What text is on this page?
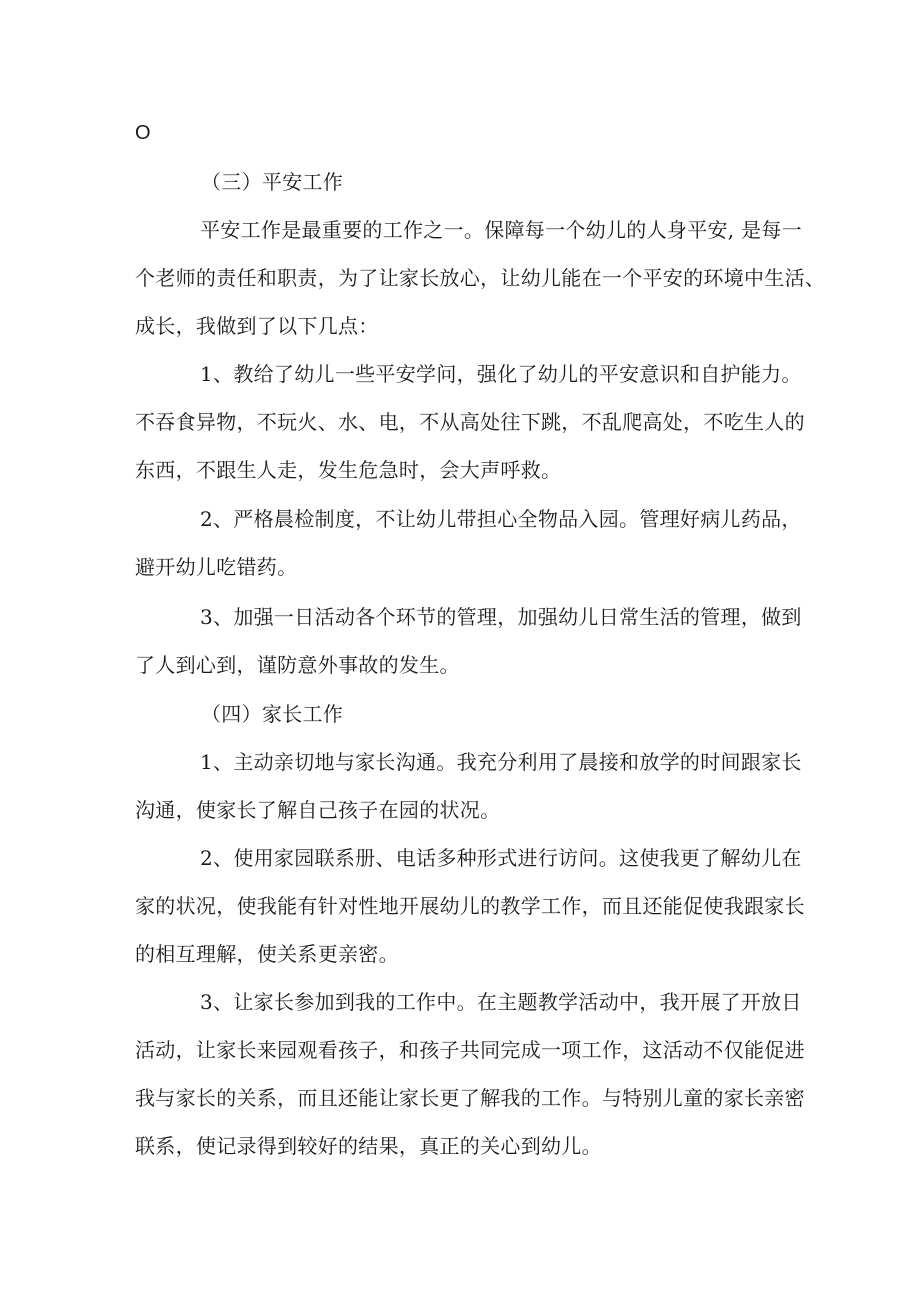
O
（三）平安工作
平安工作是最重要的工作之一。保障每一个幼儿的人身平安, 是每一
个老师的责任和职责，为了让家长放心，让幼儿能在一个平安的环境中生活、
成长，我做到了以下几点：
1、教给了幼儿一些平安学问，强化了幼儿的平安意识和自护能力。
不吞食异物，不玩火、水、电，不从高处往下跳，不乱爬高处，不吃生人的
东西，不跟生人走，发生危急时，会大声呼救。
2、严格晨检制度，不让幼儿带担心全物品入园。管理好病儿药品，
避开幼儿吃错药。
3、加强一日活动各个环节的管理，加强幼儿日常生活的管理，做到
了人到心到，谨防意外事故的发生。
（四）家长工作
1、主动亲切地与家长沟通。我充分利用了晨接和放学的时间跟家长
沟通，使家长了解自己孩子在园的状况。
2、使用家园联系册、电话多种形式进行访问。这使我更了解幼儿在
家的状况，使我能有针对性地开展幼儿的教学工作，而且还能促使我跟家长
的相互理解，使关系更亲密。
3、让家长参加到我的工作中。在主题教学活动中，我开展了开放日
活动，让家长来园观看孩子，和孩子共同完成一项工作，这活动不仅能促进
我与家长的关系，而且还能让家长更了解我的工作。与特别儿童的家长亲密
联系，使记录得到较好的结果，真正的关心到幼儿。
